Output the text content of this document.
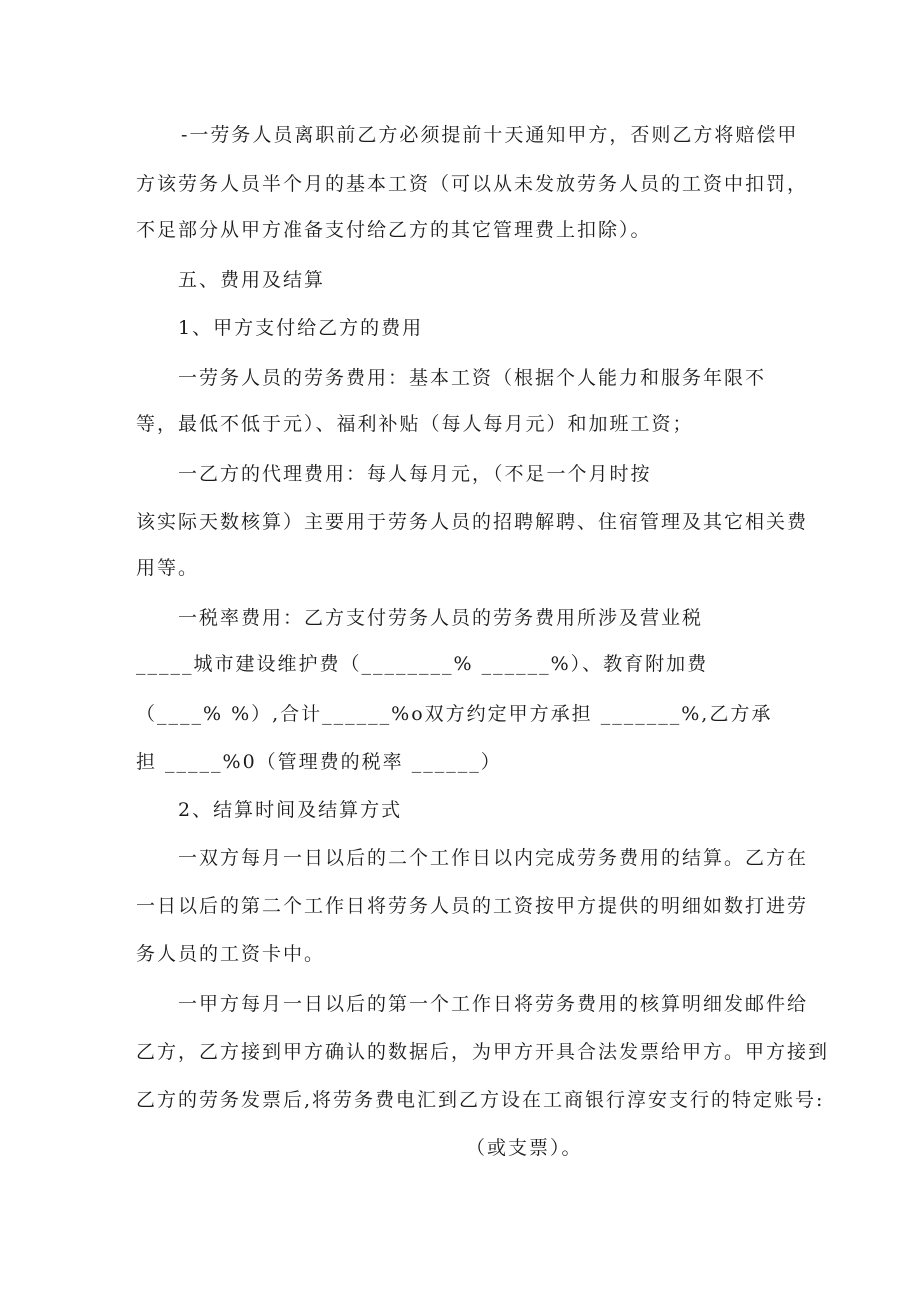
-一劳务人员离职前乙方必须提前十天通知甲方，否则乙方将赔偿甲
方该劳务人员半个月的基本工资（可以从未发放劳务人员的工资中扣罚，
不足部分从甲方准备支付给乙方的其它管理费上扣除）。
五、费用及结算
1、甲方支付给乙方的费用
一劳务人员的劳务费用：基本工资（根据个人能力和服务年限不
等，最低不低于元）、福利补贴（每人每月元）和加班工资；
一乙方的代理费用：每人每月元，（不足一个月时按
该实际天数核算）主要用于劳务人员的招聘解聘、住宿管理及其它相关费
用等。
一税率费用：乙方支付劳务人员的劳务费用所涉及营业税
_____城市建设维护费（________% ______%）、教育附加费
（____% %）,合计______%o双方约定甲方承担 _______%,乙方承
担 _____%0（管理费的税率 ______）
2、结算时间及结算方式
一双方每月一日以后的二个工作日以内完成劳务费用的结算。乙方在
一日以后的第二个工作日将劳务人员的工资按甲方提供的明细如数打进劳
务人员的工资卡中。
一甲方每月一日以后的第一个工作日将劳务费用的核算明细发邮件给
乙方，乙方接到甲方确认的数据后，为甲方开具合法发票给甲方。甲方接到
乙方的劳务发票后,将劳务费电汇到乙方设在工商银行淳安支行的特定账号:
（或支票）。
